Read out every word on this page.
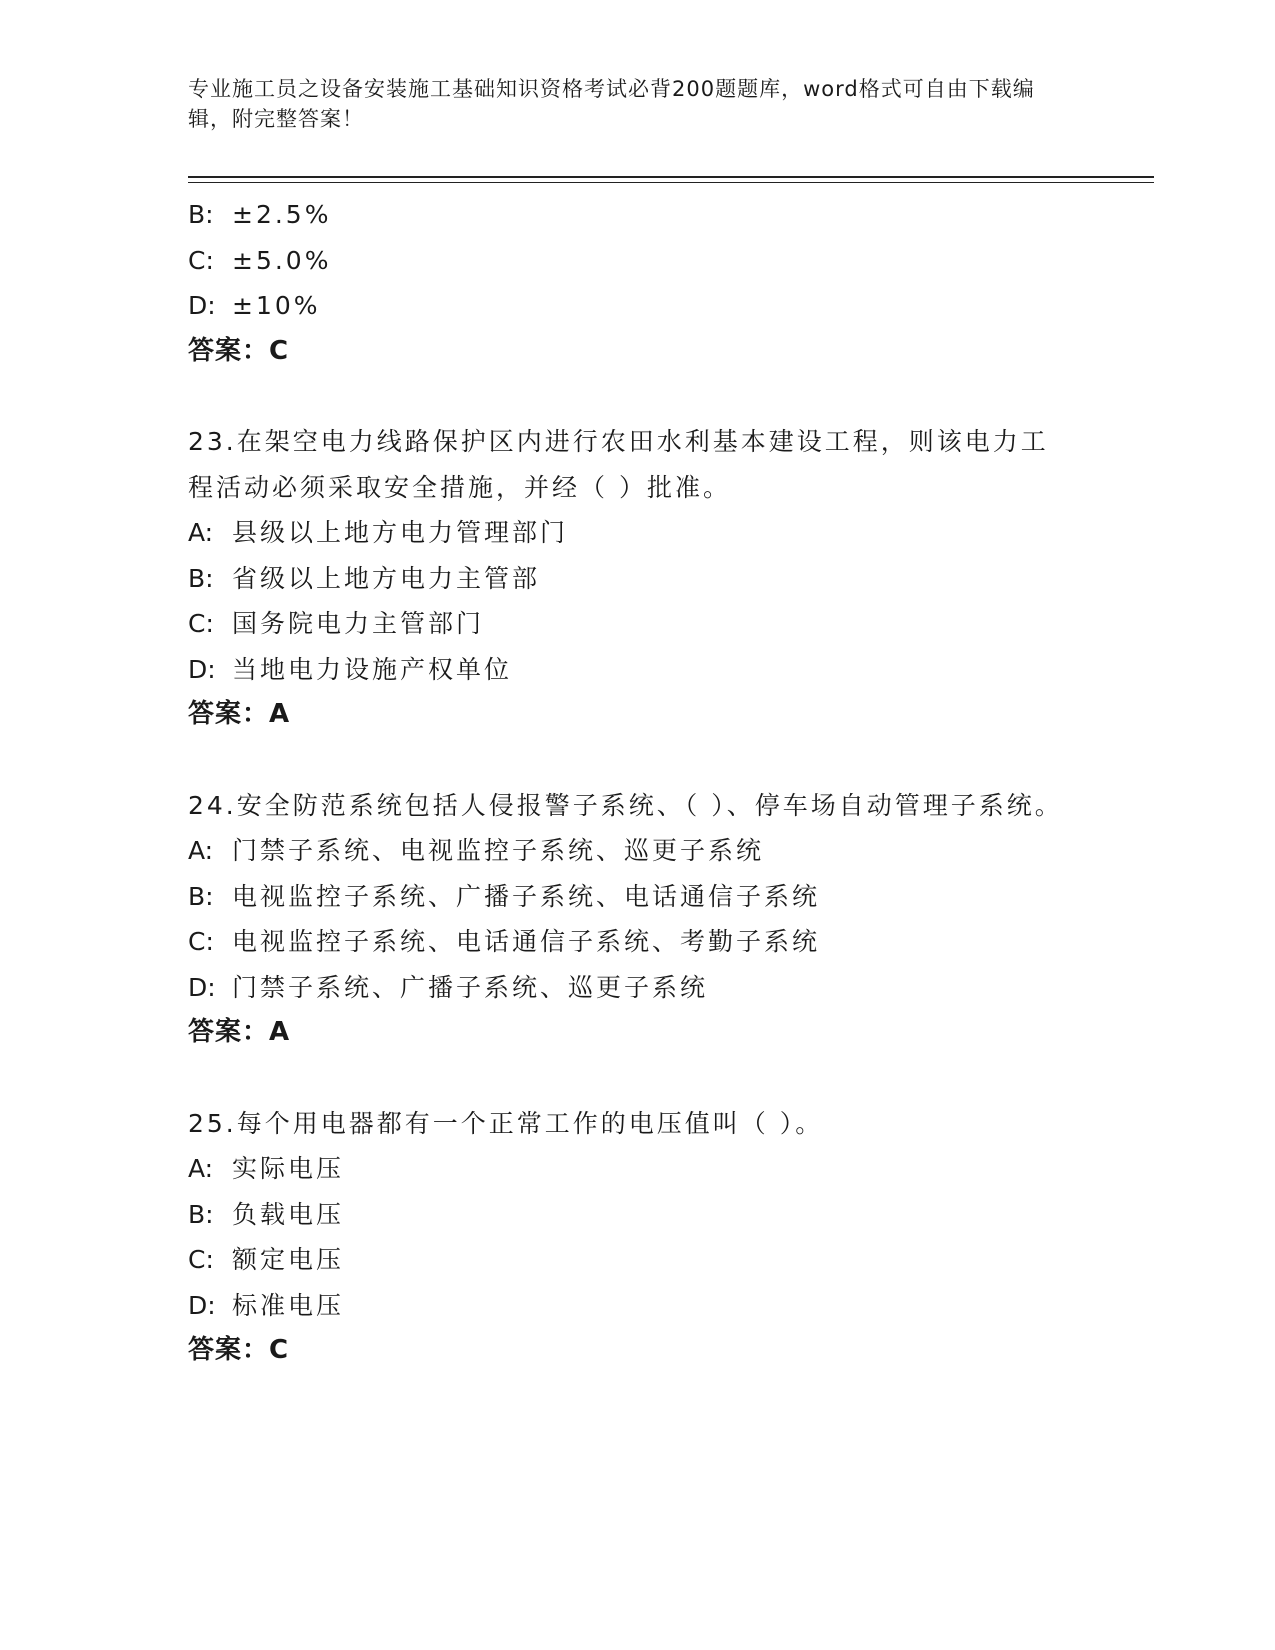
专业施工员之设备安装施工基础知识资格考试必背200题题库，word格式可自由下载编辑，附完整答案！
B: ±2.5%
C: ±5.0%
D: ±10%
答案：C
23.在架空电力线路保护区内进行农田水利基本建设工程，则该电力工程活动必须采取安全措施，并经（ ）批准。
A: 县级以上地方电力管理部门
B: 省级以上地方电力主管部
C: 国务院电力主管部门
D: 当地电力设施产权单位
答案：A
24.安全防范系统包括人侵报警子系统、（ ）、停车场自动管理子系统。
A: 门禁子系统、电视监控子系统、巡更子系统
B: 电视监控子系统、广播子系统、电话通信子系统
C: 电视监控子系统、电话通信子系统、考勤子系统
D: 门禁子系统、广播子系统、巡更子系统
答案：A
25.每个用电器都有一个正常工作的电压值叫（ ）。
A: 实际电压
B: 负载电压
C: 额定电压
D: 标准电压
答案：C
